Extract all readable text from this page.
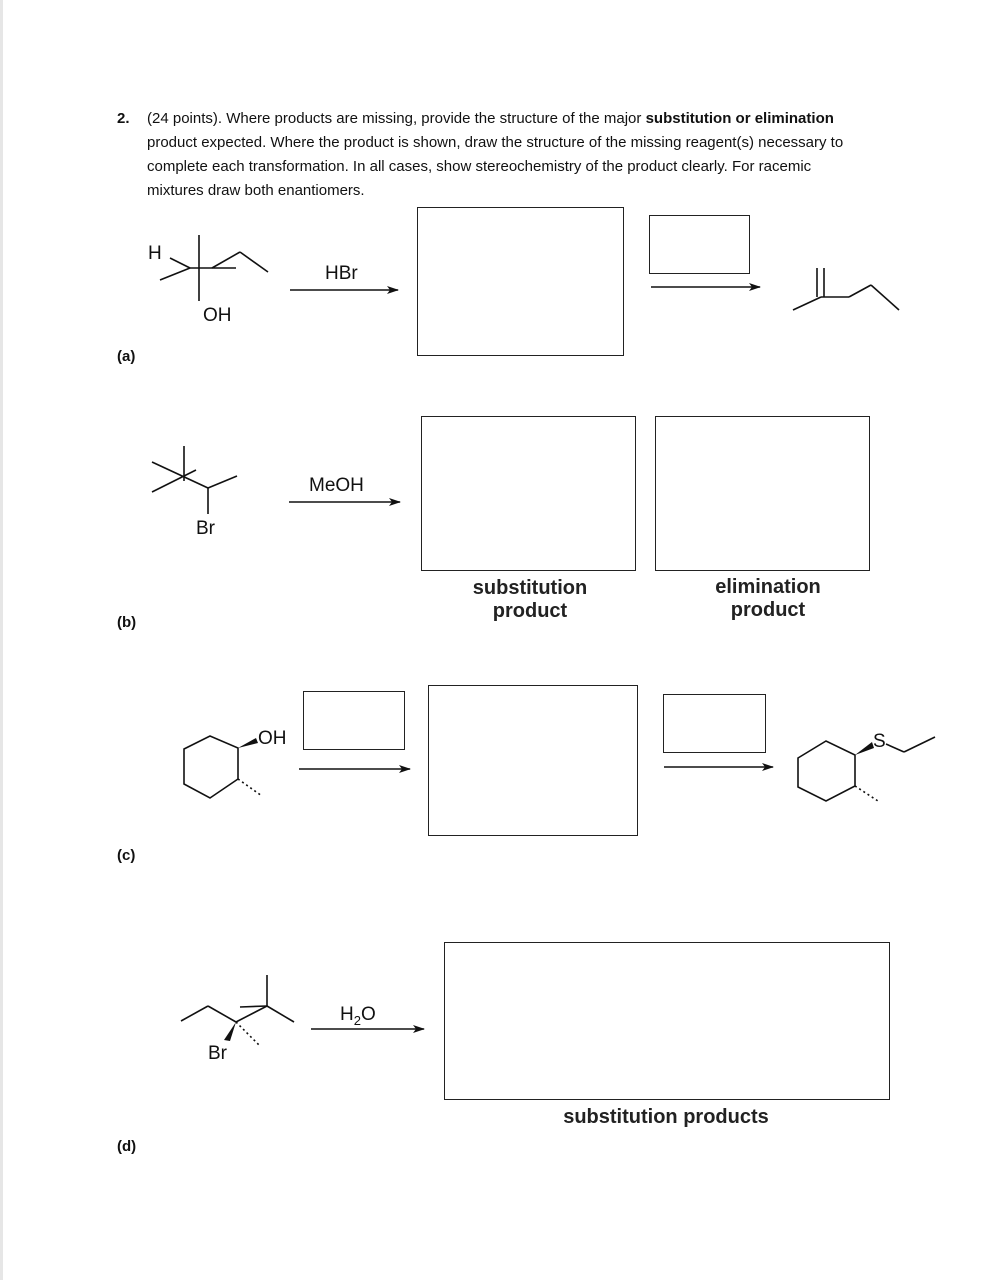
2. (24 points). Where products are missing, provide the structure of the major substitution or elimination product expected. Where the product is shown, draw the structure of the missing reagent(s) necessary to complete each transformation. In all cases, show stereochemistry of the product clearly. For racemic mixtures draw both enantiomers.
(a)
(b)
(c)
(d)
substitution
product
elimination
product
substitution products
H
OH
HBr
Br
MeOH
OH	S
Br
$H_2O$
